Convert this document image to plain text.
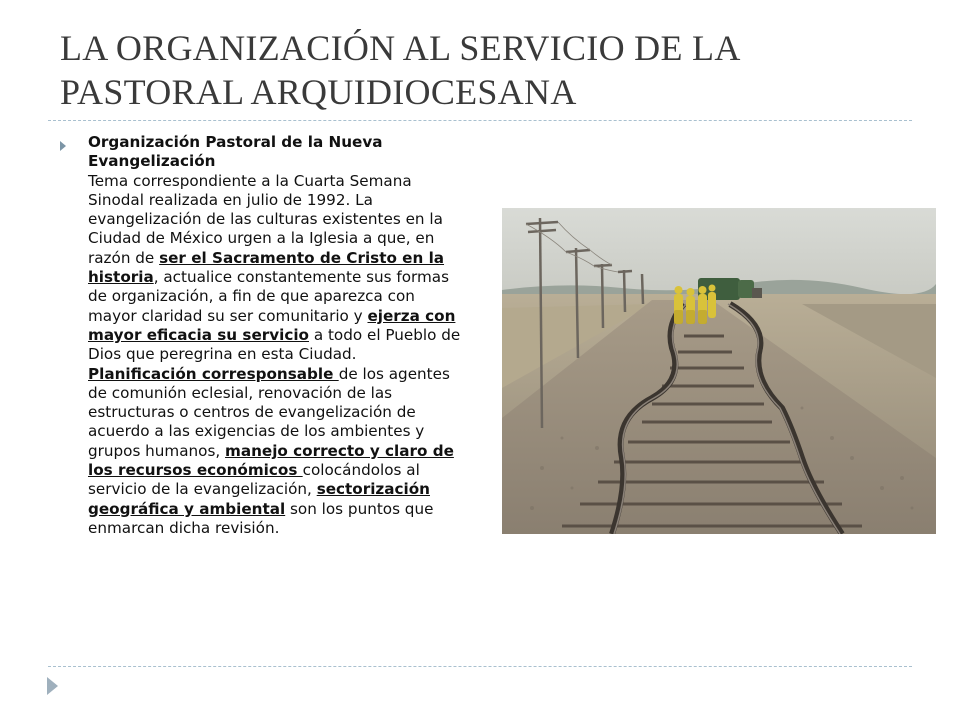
LA ORGANIZACIÓN AL SERVICIO DE LA
PASTORAL ARQUIDIOCESANA
Organización Pastoral de la Nueva Evangelización
Tema correspondiente a la Cuarta Semana Sinodal realizada en julio de 1992. La evangelización de las culturas existentes en la Ciudad de México urgen a la Iglesia a que, en razón de ser el Sacramento de Cristo en la historia, actualice constantemente sus formas de organización, a fin de que aparezca con mayor claridad su ser comunitario y ejerza con mayor eficacia su servicio a todo el Pueblo de Dios que peregrina en esta Ciudad.
Planificación corresponsable de los agentes de comunión eclesial, renovación de las estructuras o centros de evangelización de acuerdo a las exigencias de los ambientes y grupos humanos, manejo correcto y claro de los recursos económicos colocándolos al servicio de la evangelización, sectorización geográfica y ambiental son los puntos que enmarcan dicha revisión.
